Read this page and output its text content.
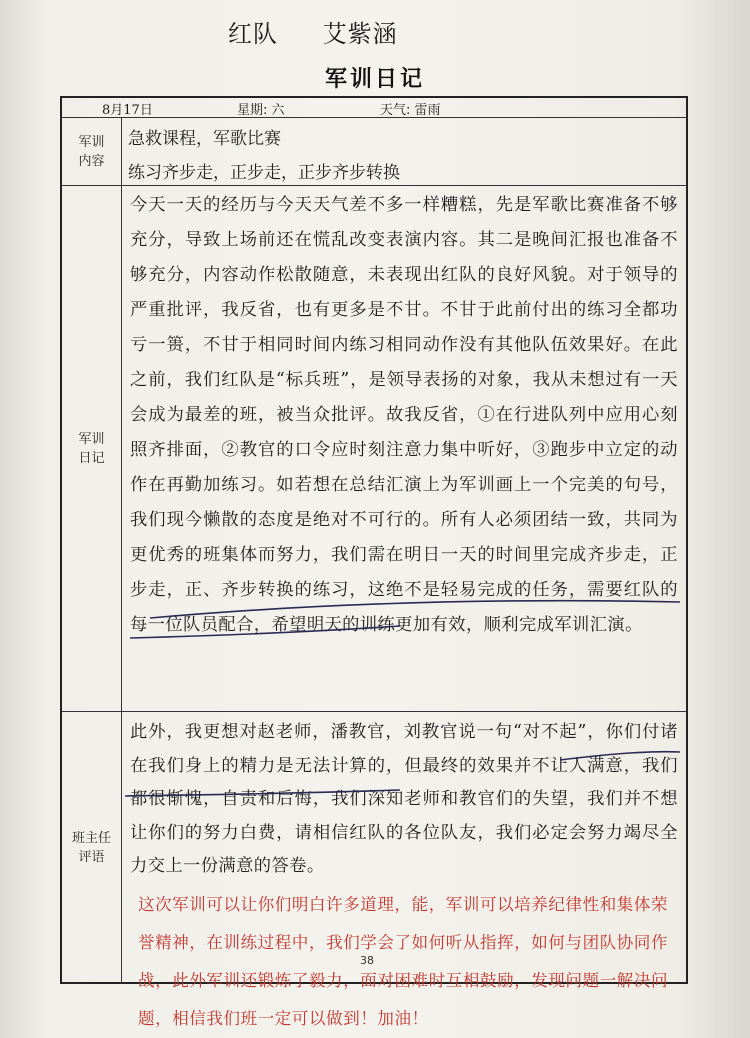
红队 艾紫涵
军训日记
8月17日	星期: 六	天气: 雷雨
军训
内容
急救课程，军歌比赛
练习齐步走，正步走，正步齐步转换
军训
日记
今天一天的经历与今天天气差不多一样糟糕，先是军歌比赛准备不够充分，导致上场前还在慌乱改变表演内容。其二是晚间汇报也准备不够充分，内容动作松散随意，未表现出红队的良好风貌。对于领导的严重批评，我反省，也有更多是不甘。不甘于此前付出的练习全都功亏一篑，不甘于相同时间内练习相同动作没有其他队伍效果好。在此之前，我们红队是“标兵班”，是领导表扬的对象，我从未想过有一天会成为最差的班，被当众批评。故我反省，①在行进队列中应用心刻照齐排面，②教官的口令应时刻注意力集中听好，③跑步中立定的动作在再勤加练习。如若想在总结汇演上为军训画上一个完美的句号，我们现今懒散的态度是绝对不可行的。所有人必须团结一致，共同为更优秀的班集体而努力，我们需在明日一天的时间里完成齐步走，正步走，正、齐步转换的练习，这绝不是轻易完成的任务，需要红队的每一位队员配合，希望明天的训练更加有效，顺利完成军训汇演。
班主任
评语
此外，我更想对赵老师，潘教官，刘教官说一句“对不起”，你们付诸在我们身上的精力是无法计算的，但最终的效果并不让人满意，我们都很惭愧，自责和后悔，我们深知老师和教官们的失望，我们并不想让你们的努力白费，请相信红队的各位队友，我们必定会努力竭尽全力交上一份满意的答卷。
这次军训可以让你们明白许多道理，能，军训可以培养纪律性和集体荣誉精神，在训练过程中，我们学会了如何听从指挥，如何与团队协同作战，此外军训还锻炼了毅力，面对困难时互相鼓励，发现问题一解决问题，相信我们班一定可以做到！加油！
38
